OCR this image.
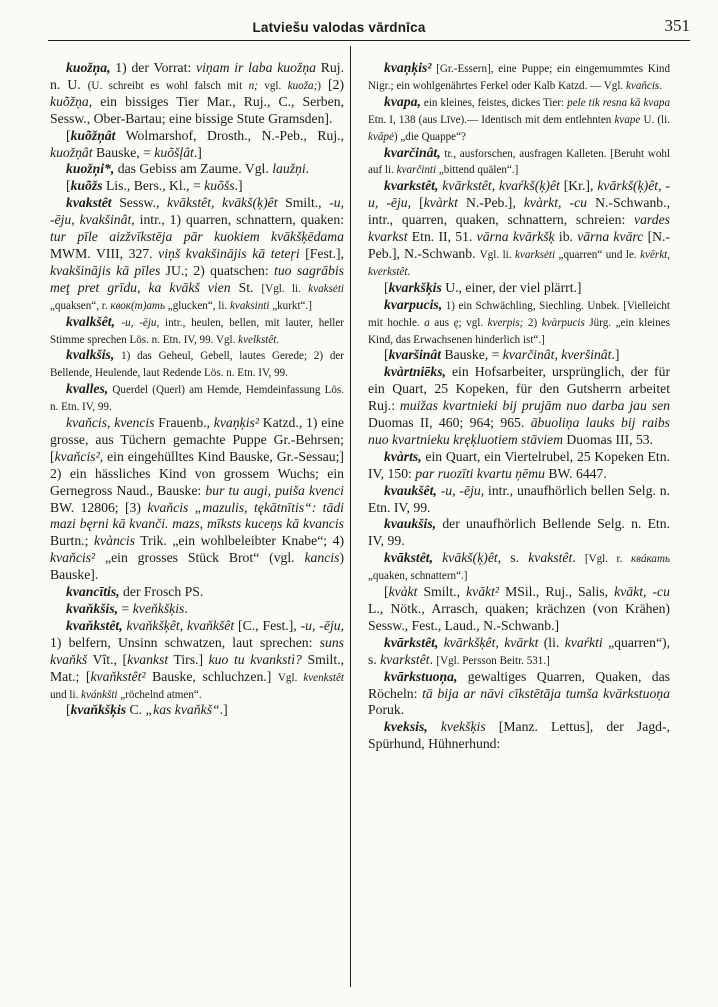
Latviešu valodas vārdnīca	351

kuožņa, 1) der Vorrat: viņam ir laba kuožņa Ruj. n. U. (U. schreibt es wohl falsch mit n; vgl. kuoža;) [2) kuõžņa, ein bissiges Tier Mar., Ruj., C., Serben, Sessw., Ober-Bartau; eine bissige Stute Gramsden].

[kuõžņât Wolmarshof, Drosth., N.-Peb., Ruj., kuožņât Bauske, = kuõšļât.]

kuožņi*, das Gebiss am Zaume. Vgl. laužņi.

[kuõžs Lis., Bers., Kl., = kuõšs.]

kvakstêt Sessw., kvākstêt, kvākš(ķ)êt Smilt., -u, -ēju, kvakšinât, intr., 1) quarren, schnattern, quaken: tur pīle aizžvīkstēja pār kuokiem kvākšķēdama MWM. VIII, 327. viņš kvakšinājis kā teteŗi [Fest.], kvakšinājis kā pīles JU.; 2) quatschen: tuo sagrābis meţ pret grīdu, ka kvākš vien St. [Vgl. li. kvaksėti „quaksen“, r. квок(т)ать „glucken“, li. kvaksinti „kurkt“.]

kvalkšêt, -u, -ēju, intr., heulen, bellen, mit lauter, heller Stimme sprechen Lös. n. Etn. IV, 99. Vgl. kvelkstêt.

kvalkšis, 1) das Geheul, Gebell, lautes Gerede; 2) der Bellende, Heulende, laut Redende Lös. n. Etn. IV, 99.

kvalles, Querdel (Querl) am Hemde, Hemdeinfassung Lös. n. Etn. IV, 99.

kvaňcis, kvencis Frauenb., kvaņķis² Katzd., 1) eine grosse, aus Tüchern gemachte Puppe Gr.-Behrsen; [kvaňcis², ein eingehülltes Kind Bauske, Gr.-Sessau;] 2) ein hässliches Kind von grossem Wuchs; ein Gernegross Naud., Bauske: bur tu augi, puiša kvenci BW. 12806; [3) kvaňcis „mazulis, tękātnītis“: tādi mazi bęrni kā kvanči. mazs, mīksts kuceņs kā kvancis Burtn.; kvàncis Trik. „ein wohlbeleibter Knabe“; 4) kvaňcis² „ein grosses Stück Brot“ (vgl. kancis) Bauske].

kvancītis, der Frosch PS.

kvaňkšis, = kveňkšķis.

kvaňkstêt, kvaňkšķêt, kvaňkšêt [C., Fest.], -u, -ēju, 1) belfern, Unsinn schwatzen, laut sprechen: suns kvaňkš Vît., [kvankst Tirs.] kuo tu kvankstì? Smilt., Mat.; [kvaňkstêt² Bauske, schluchzen.] Vgl. kvenkstêt und li. kvánkšti „röchelnd atmen“.

[kvaňkšķis C. „kas kvaňkš“.]

kvaņķis² [Gr.-Essern], eine Puppe; ein eingemummtes Kind Nigr.; ein wohlgenährtes Ferkel oder Kalb Katzd. — Vgl. kvaňcis.

kvapa, ein kleines, feistes, dickes Tier: pele tik resna kā kvapa Etn. I, 138 (aus Līve).— Identisch mit dem entlehnten kvape U. (li. kvāpė) „die Quappe“?

kvarčinât, tr., ausforschen, ausfragen Kalleten. [Beruht wohl auf li. kvarčinti „bittend quälen“.]

kvarkstêt, kvārkstêt, kvaŕkš(ķ)êt [Kr.], kvārkš(ķ)êt, -u, -ēju, [kvàrkt N.-Peb.], kvàrkt, -cu N.-Schwanb., intr., quarren, quaken, schnattern, schreien: vardes kvarkst Etn. II, 51. vārna kvārkšķ ib. vārna kvārc [N.-Peb.], N.-Schwanb. Vgl. li. kvarksėti „quarren“ und le. kvērkt, kverkstêt.

[kvarkšķis U., einer, der viel plärrt.]

kvarpucis, 1) ein Schwächling, Siechling. Unbek. [Vielleicht mit hochle. a aus ę; vgl. kverpis; 2) kvàrpucis Jürg. „ein kleines Kind, das Erwachsenen hinderlich ist“.]

[kvaršinât Bauske, = kvarčinât, kveršinât.]

kvàrtniēks, ein Hofsarbeiter, ursprünglich, der für ein Quart, 25 Kopeken, für den Gutsherrn arbeitet Ruj.: muižas kvartnieki bij prujām nuo darba jau sen Duomas II, 460; 964; 965. ābuoliņa lauks bij raibs nuo kvartnieku kręķluotiem stāviem Duomas III, 53.

kvàrts, ein Quart, ein Viertelrubel, 25 Kopeken Etn. IV, 150: par ruozīti kvartu ņēmu BW. 6447.

kvaukšêt, -u, -ēju, intr., unaufhörlich bellen Selg. n. Etn. IV, 99.

kvaukšis, der unaufhörlich Bellende Selg. n. Etn. IV, 99.

kvākstêt, kvākš(ķ)êt, s. kvakstêt. [Vgl. r. квáкать „quaken, schnattern“.]

[kvàkt Smilt., kvākt² MSil., Ruj., Salis, kvākt, -cu L., Nötk., Arrasch, quaken; krächzen (von Krähen) Sessw., Fest., Laud., N.-Schwanb.]

kvārkstêt, kvārkšķêt, kvārkt (li. kvaŕkti „quarren“), s. kvarkstêt. [Vgl. Persson Beitr. 531.]

kvārkstuoņa, gewaltiges Quarren, Quaken, das Röcheln: tā bija ar nāvi cīkstētāja tumša kvārkstuoņa Poruk.

kveksis, kvekšķis [Manz. Lettus], der Jagd-, Spürhund, Hühnerhund:
